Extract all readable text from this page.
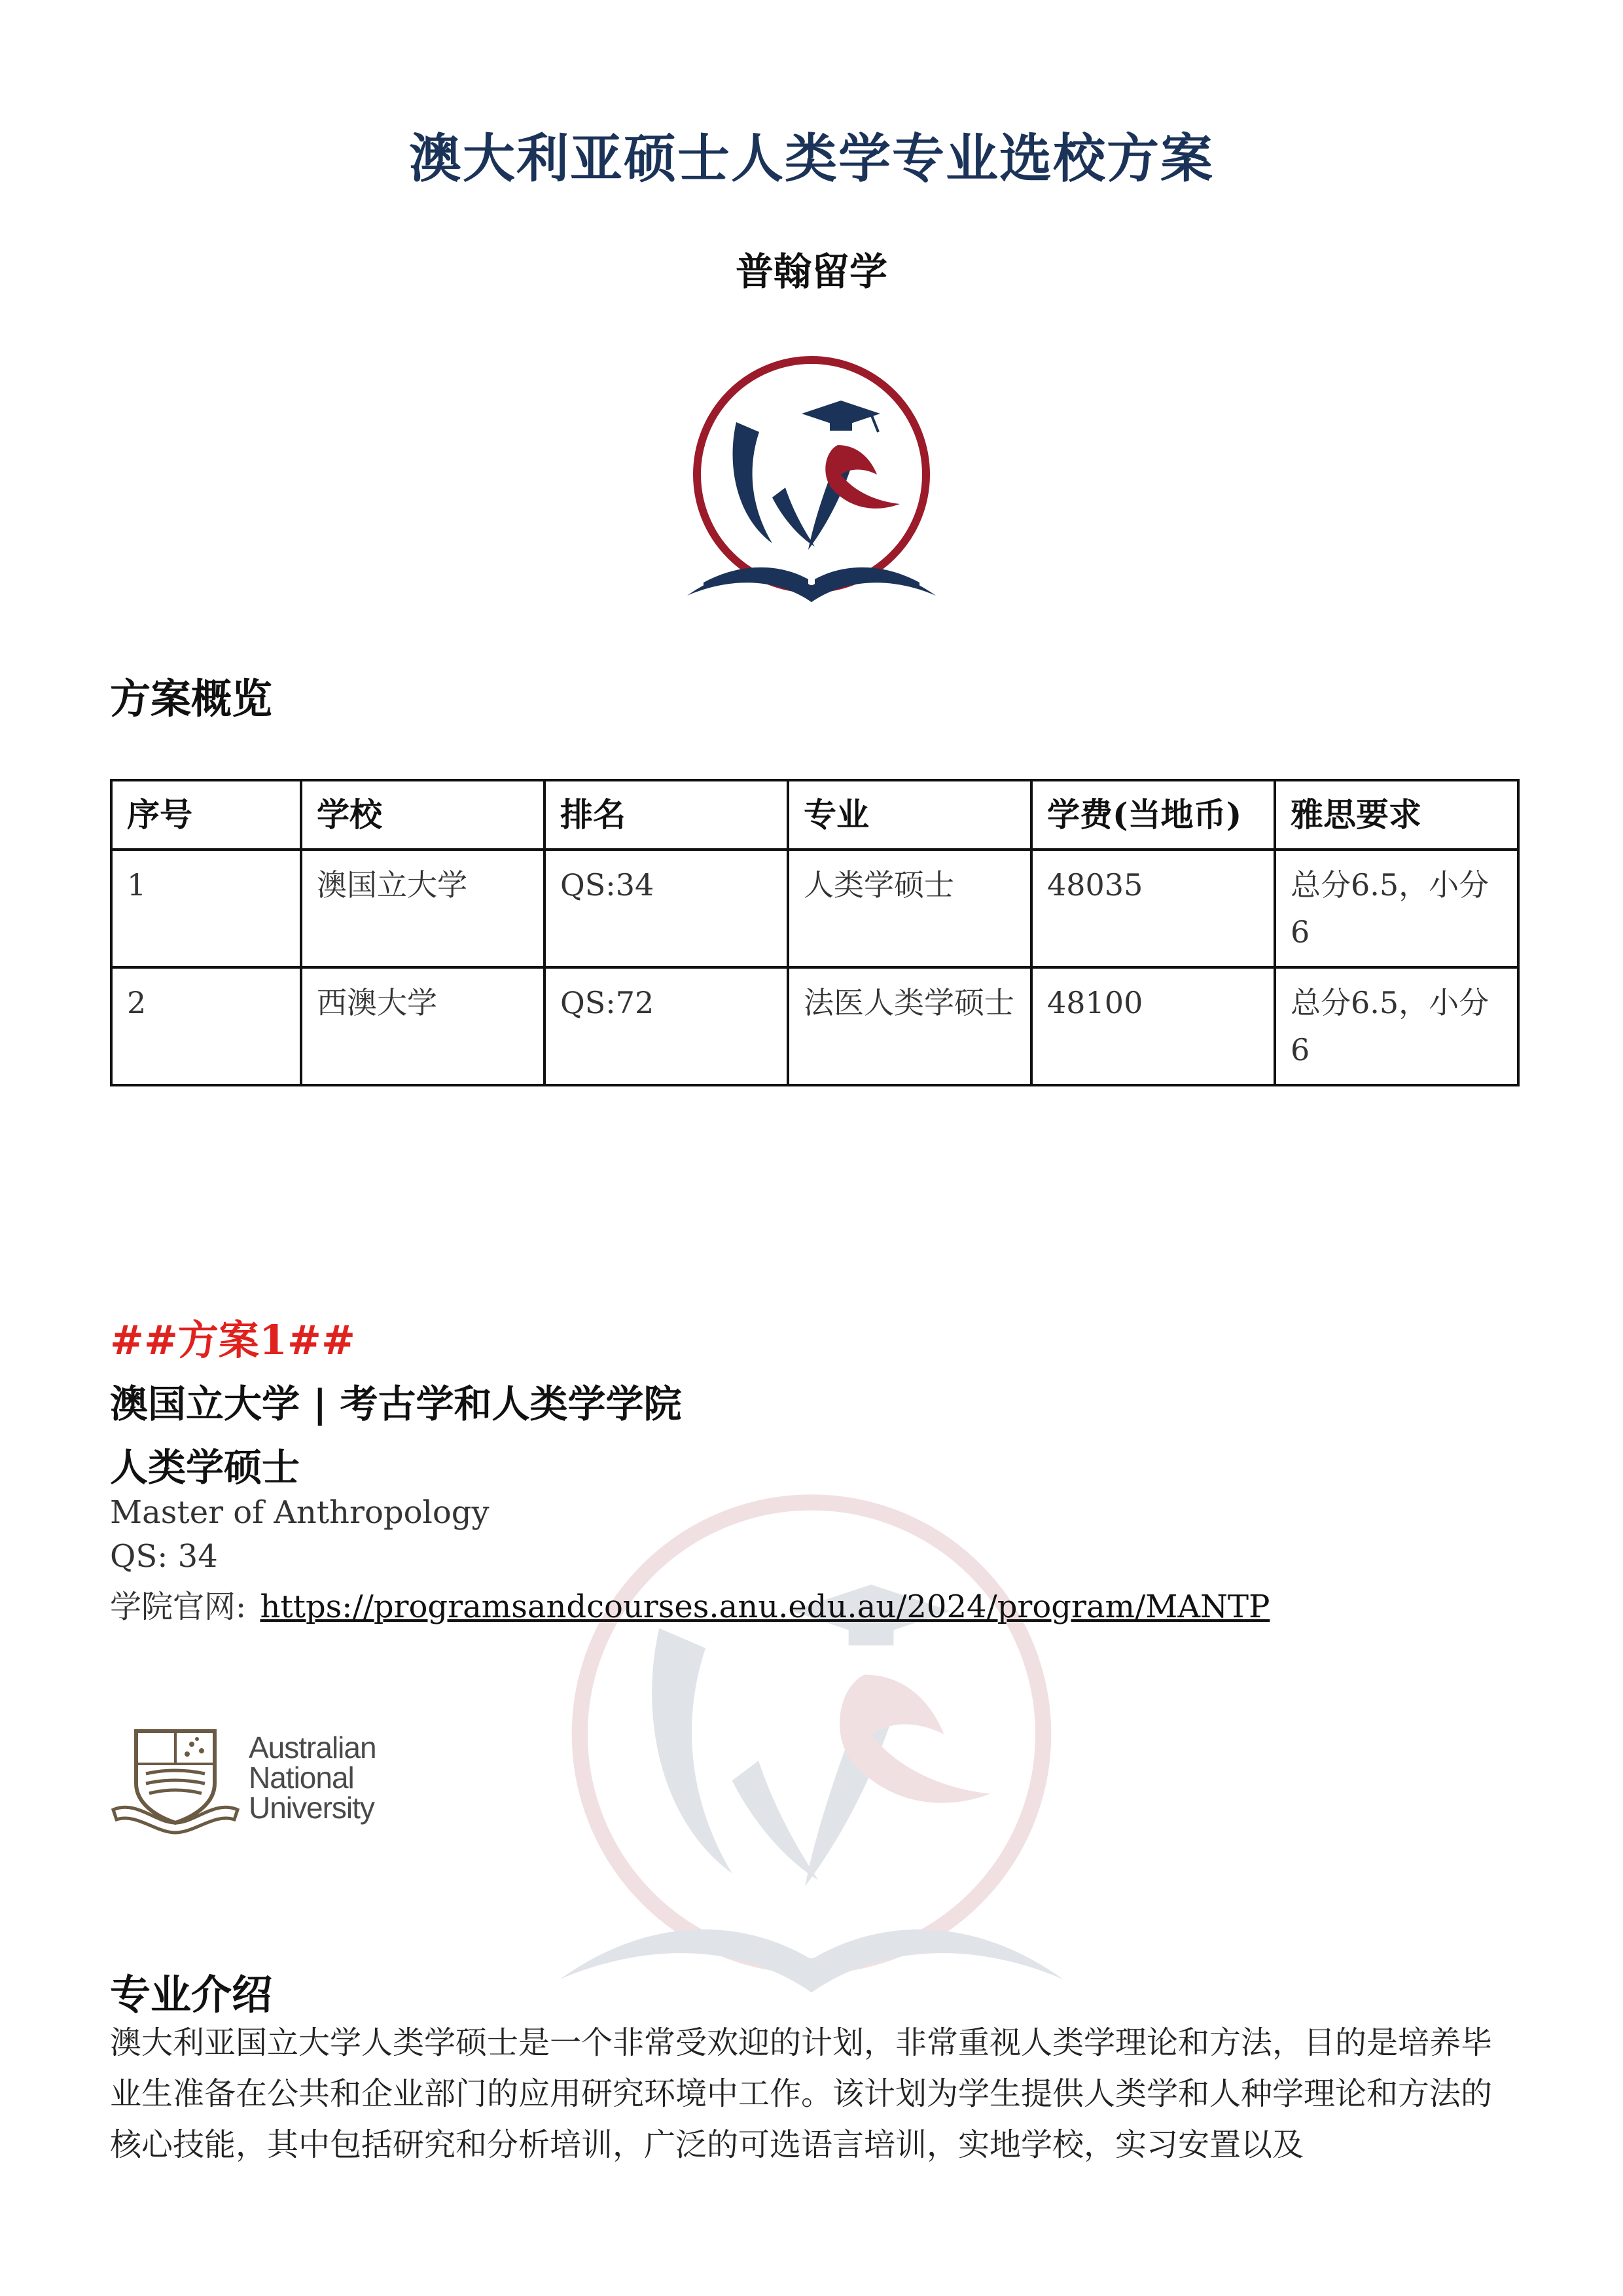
澳大利亚硕士人类学专业选校方案
普翰留学
方案概览
序号	学校	排名	专业	学费(当地币)	雅思要求
1	澳国立大学	QS:34	人类学硕士	48035	总分6.5，小分6
2	西澳大学	QS:72	法医人类学硕士	48100	总分6.5，小分6
##方案1##
澳国立大学 | 考古学和人类学学院
人类学硕士
Master of Anthropology
QS: 34
学院官网: https://programsandcourses.anu.edu.au/2024/program/MANTP
Australian
National
University
专业介绍
澳大利亚国立大学人类学硕士是一个非常受欢迎的计划，非常重视人类学理论和方法，目的是培养毕业生准备在公共和企业部门的应用研究环境中工作。该计划为学生提供人类学和人种学理论和方法的核心技能，其中包括研究和分析培训，广泛的可选语言培训，实地学校，实习安置以及
